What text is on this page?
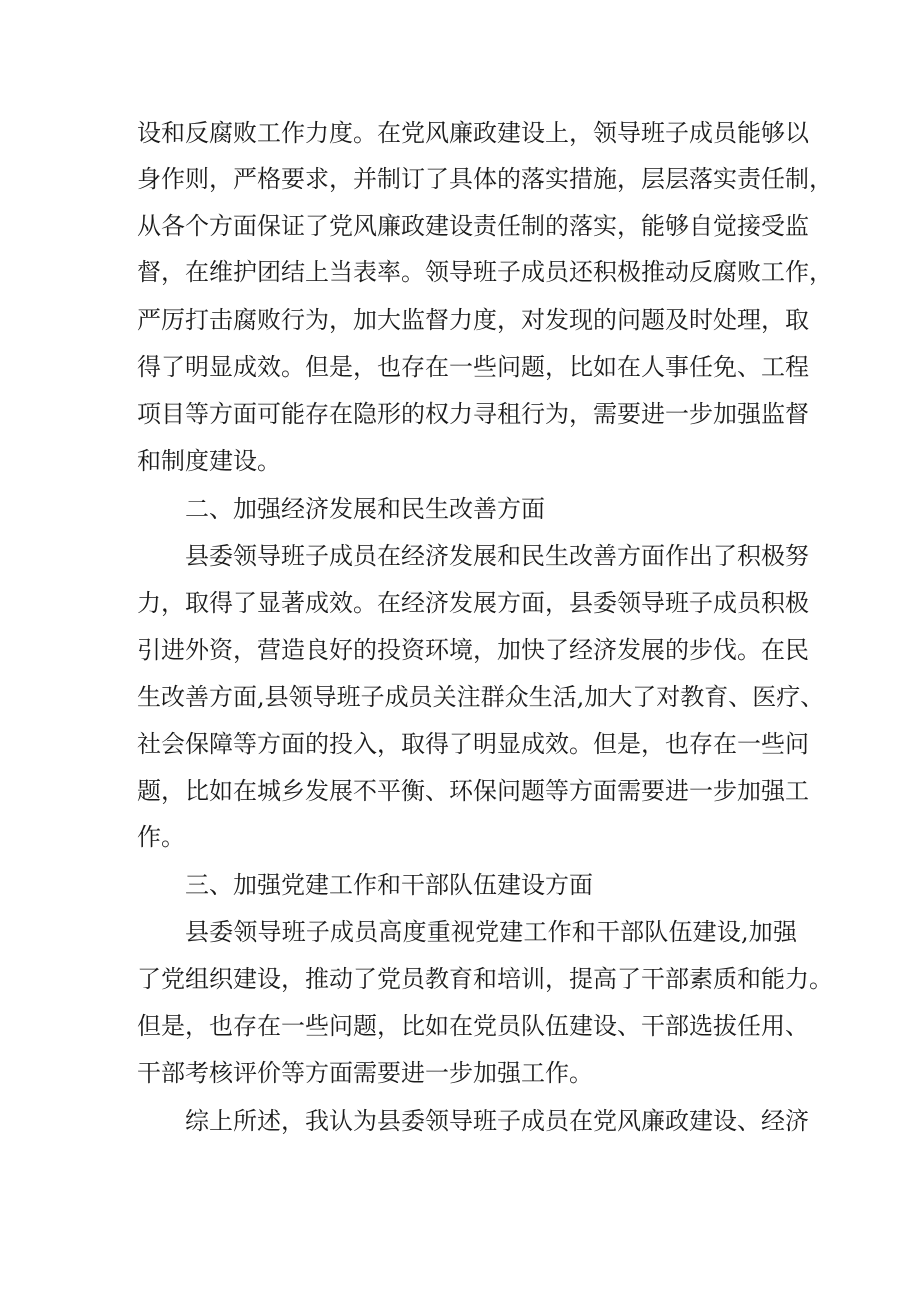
设和反腐败工作力度。在党风廉政建设上，领导班子成员能够以
身作则，严格要求，并制订了具体的落实措施，层层落实责任制，
从各个方面保证了党风廉政建设责任制的落实，能够自觉接受监
督，在维护团结上当表率。领导班子成员还积极推动反腐败工作，
严厉打击腐败行为，加大监督力度，对发现的问题及时处理，取
得了明显成效。但是，也存在一些问题，比如在人事任免、工程
项目等方面可能存在隐形的权力寻租行为，需要进一步加强监督
和制度建设。
二、加强经济发展和民生改善方面
县委领导班子成员在经济发展和民生改善方面作出了积极努
力，取得了显著成效。在经济发展方面，县委领导班子成员积极
引进外资，营造良好的投资环境，加快了经济发展的步伐。在民
生改善方面,县领导班子成员关注群众生活,加大了对教育、医疗、
社会保障等方面的投入，取得了明显成效。但是，也存在一些问
题，比如在城乡发展不平衡、环保问题等方面需要进一步加强工
作。
三、加强党建工作和干部队伍建设方面
县委领导班子成员高度重视党建工作和干部队伍建设,加强
了党组织建设，推动了党员教育和培训，提高了干部素质和能力。
但是，也存在一些问题，比如在党员队伍建设、干部选拔任用、
干部考核评价等方面需要进一步加强工作。
综上所述，我认为县委领导班子成员在党风廉政建设、经济
